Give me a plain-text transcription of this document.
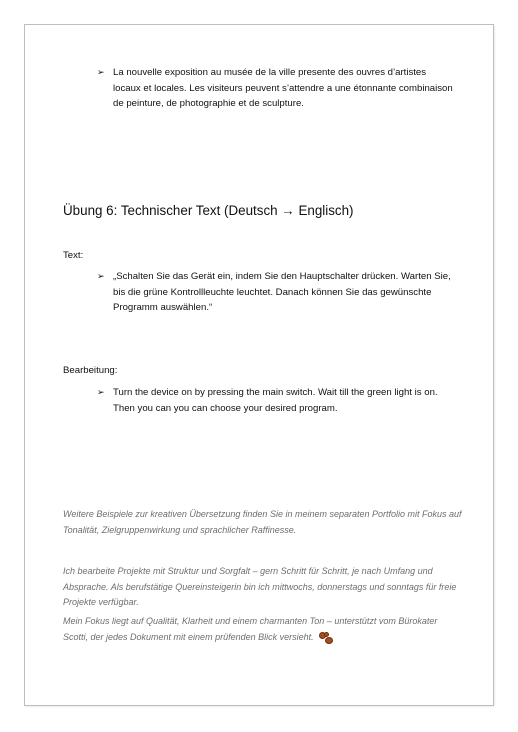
➢ La nouvelle exposition au musée de la ville presente des ouvres d’artistes locaux et locales. Les visiteurs peuvent s’attendre a une étonnante combinaison de peinture, de photographie et de sculpture.
Übung 6: Technischer Text (Deutsch → Englisch)
Text:
➢ „Schalten Sie das Gerät ein, indem Sie den Hauptschalter drücken. Warten Sie, bis die grüne Kontrollleuchte leuchtet. Danach können Sie das gewünschte Programm auswählen.“
Bearbeitung:
➢ Turn the device on by pressing the main switch. Wait till the green light is on. Then you can you can choose your desired program.
Weitere Beispiele zur kreativen Übersetzung finden Sie in meinem separaten Portfolio mit Fokus auf Tonalität, Zielgruppenwirkung und sprachlicher Raffinesse.
Ich bearbeite Projekte mit Struktur und Sorgfalt – gern Schritt für Schritt, je nach Umfang und Absprache. Als berufstätige Quereinsteigerin bin ich mittwochs, donnerstags und sonntags für freie Projekte verfügbar.
Mein Fokus liegt auf Qualität, Klarheit und einem charmanten Ton – unterstützt vom Bürokater Scotti, der jedes Dokument mit einem prüfenden Blick versieht.
